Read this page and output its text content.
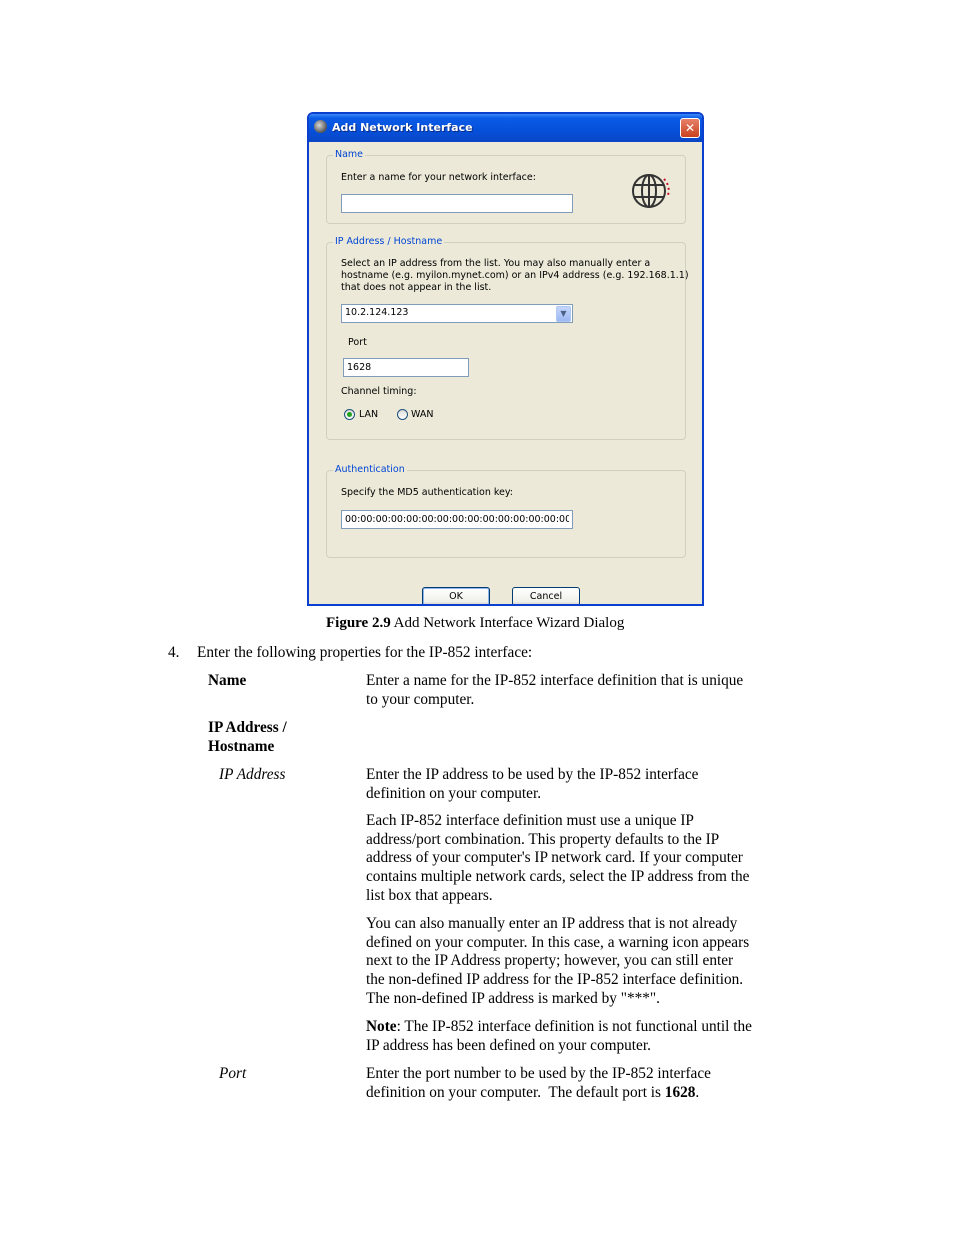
Add Network Interface	✕
Name
Enter a name for your network interface:
IP Address / Hostname
Select an IP address from the list. You may also manually enter a
hostname (e.g. myilon.mynet.com) or an IPv4 address (e.g. 192.168.1.1)
that does not appear in the list.
10.2.124.123	▼
Port
1628
Channel timing:
LAN	WAN
Authentication
Specify the MD5 authentication key:
00:00:00:00:00:00:00:00:00:00:00:00:00:00:00:00
OK	Cancel
Figure 2.9 Add Network Interface Wizard Dialog
4. Enter the following properties for the IP-852 interface:
Name	Enter a name for the IP-852 interface definition that is unique
to your computer.
IP Address /
Hostname
IP Address	Enter the IP address to be used by the IP-852 interface
definition on your computer.
Each IP-852 interface definition must use a unique IP
address/port combination. This property defaults to the IP
address of your computer's IP network card. If your computer
contains multiple network cards, select the IP address from the
list box that appears.
You can also manually enter an IP address that is not already
defined on your computer. In this case, a warning icon appears
next to the IP Address property; however, you can still enter
the non-defined IP address for the IP-852 interface definition.
The non-defined IP address is marked by "***".
Note: The IP-852 interface definition is not functional until the
IP address has been defined on your computer.
Port	Enter the port number to be used by the IP-852 interface
definition on your computer.  The default port is 1628.
